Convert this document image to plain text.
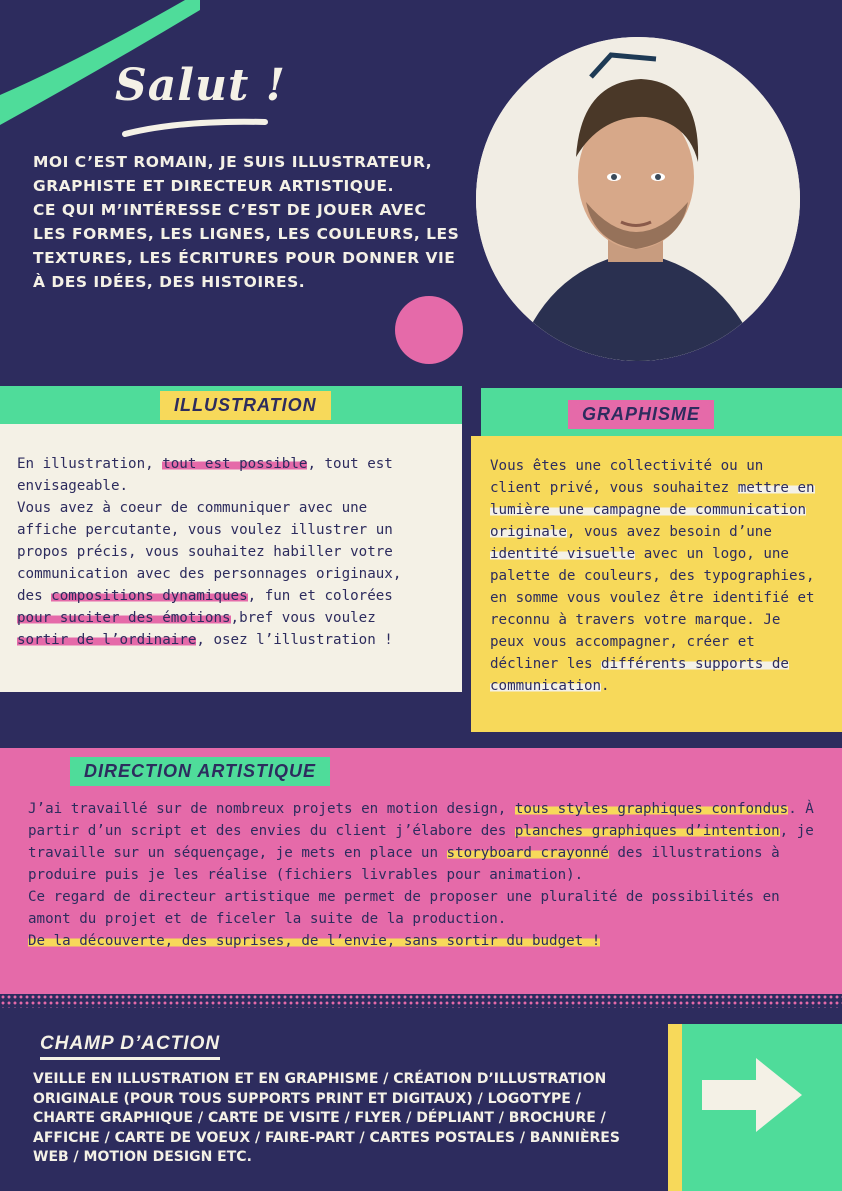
Salut !
MOI C’EST ROMAIN, JE SUIS ILLUSTRATEUR,
GRAPHISTE ET DIRECTEUR ARTISTIQUE.
CE QUI M’INTÉRESSE C’EST DE JOUER AVEC
LES FORMES, LES LIGNES, LES COULEURS, LES
TEXTURES, LES ÉCRITURES POUR DONNER VIE
À DES IDÉES, DES HISTOIRES.
ILLUSTRATION
En illustration, tout est possible, tout est envisageable.
Vous avez à coeur de communiquer avec une affiche percutante, vous voulez illustrer un propos précis, vous souhaitez habiller votre communication avec des personnages originaux, des compositions dynamiques, fun et colorées pour suciter des émotions,bref vous voulez sortir de l’ordinaire, osez l’illustration !
GRAPHISME
Vous êtes une collectivité ou un client privé, vous souhaitez mettre en lumière une campagne de communication originale, vous avez besoin d’une identité visuelle avec un logo, une palette de couleurs, des typographies, en somme vous voulez être identifié et reconnu à travers votre marque. Je peux vous accompagner, créer et décliner les différents supports de communication.
DIRECTION ARTISTIQUE
J’ai travaillé sur de nombreux projets en motion design, tous styles graphiques confondus. À partir d’un script et des envies du client j’élabore des planches graphiques d’intention, je travaille sur un séquençage, je mets en place un storyboard crayonné des illustrations à produire puis je les réalise (fichiers livrables pour animation).
Ce regard de directeur artistique me permet de proposer une pluralité de possibilités en amont du projet et de ficeler la suite de la production.
De la découverte, des suprises, de l’envie, sans sortir du budget !
CHAMP D’ACTION
VEILLE EN ILLUSTRATION ET EN GRAPHISME / CRÉATION D’ILLUSTRATION
ORIGINALE (POUR TOUS SUPPORTS PRINT ET DIGITAUX) / LOGOTYPE /
CHARTE GRAPHIQUE / CARTE DE VISITE / FLYER / DÉPLIANT / BROCHURE /
AFFICHE / CARTE DE VOEUX / FAIRE-PART / CARTES POSTALES / BANNIÈRES
WEB / MOTION DESIGN ETC.
